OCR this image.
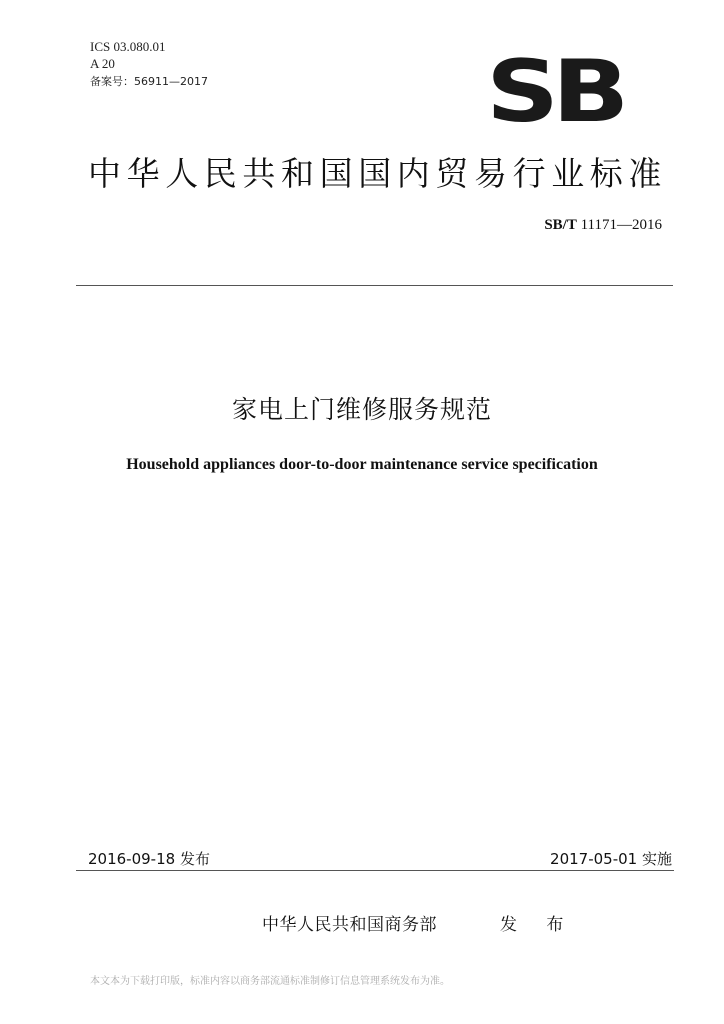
ICS 03.080.01
A 20
备案号：56911—2017	SB
中华人民共和国国内贸易行业标准
SB/T 11171—2016
家电上门维修服务规范
Household appliances door-to-door maintenance service specification
2016-09-18 发布	2017-05-01 实施
中华人民共和国商务部	发 布
本文本为下载打印版，标准内容以商务部流通标准制修订信息管理系统发布为准。
